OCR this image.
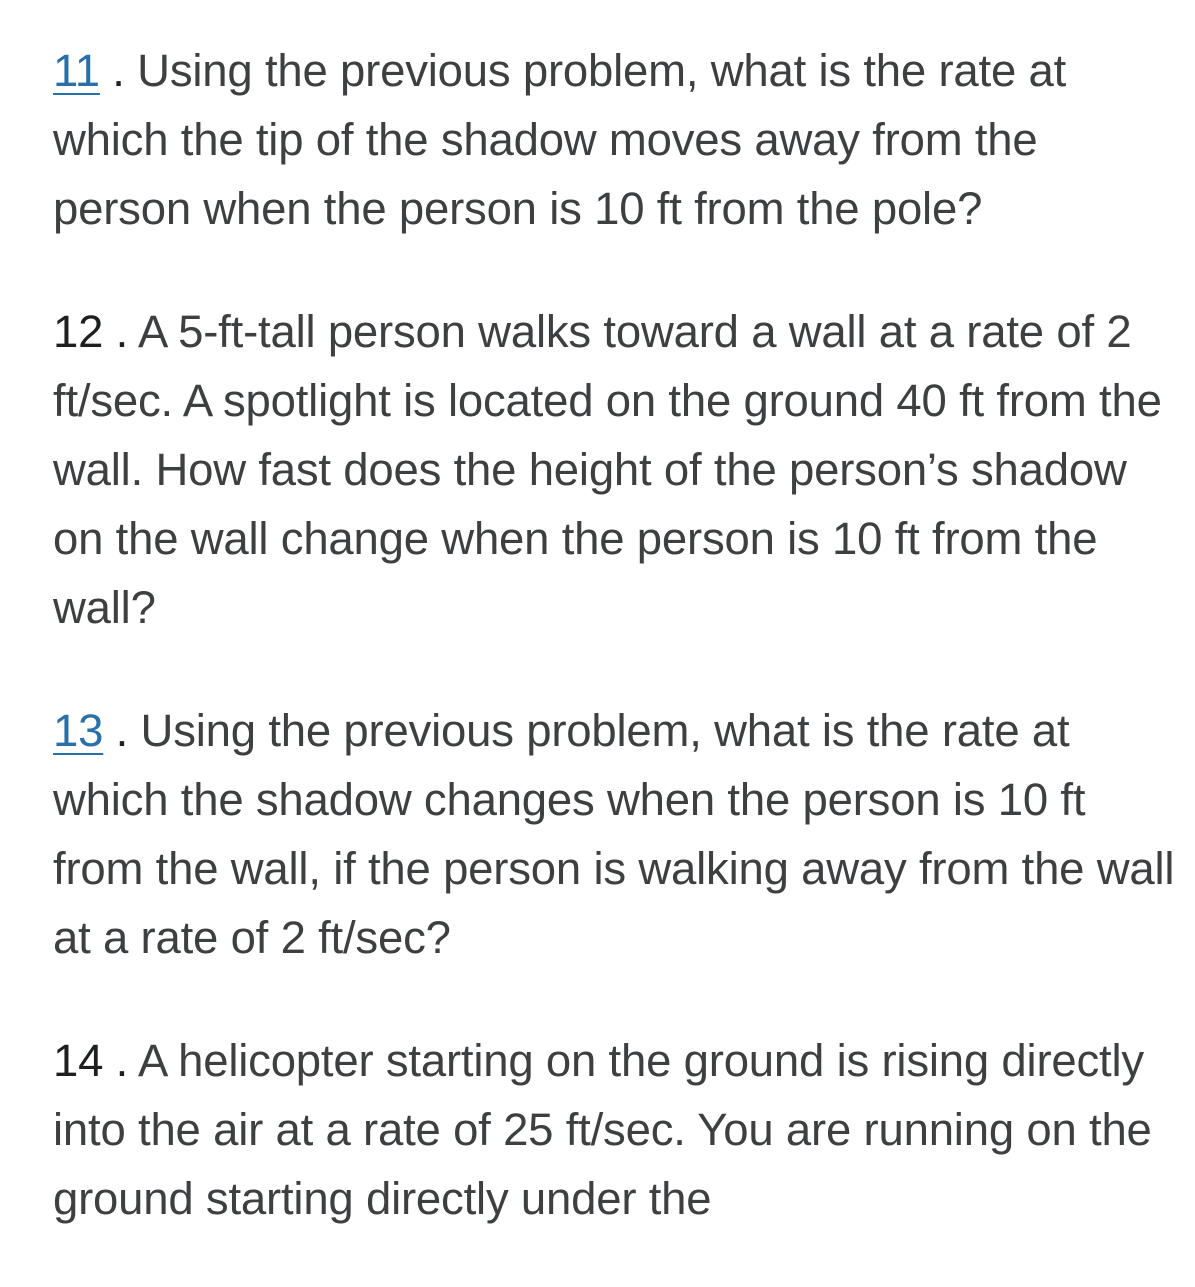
11 . Using the previous problem, what is the rate at which the tip of the shadow moves away from the person when the person is 10 ft from the pole?

12 . A 5-ft-tall person walks toward a wall at a rate of 2 ft/sec. A spotlight is located on the ground 40 ft from the wall. How fast does the height of the person’s shadow on the wall change when the person is 10 ft from the wall?

13 . Using the previous problem, what is the rate at which the shadow changes when the person is 10 ft from the wall, if the person is walking away from the wall at a rate of 2 ft/sec?

14 . A helicopter starting on the ground is rising directly into the air at a rate of 25 ft/sec. You are running on the ground starting directly under the
